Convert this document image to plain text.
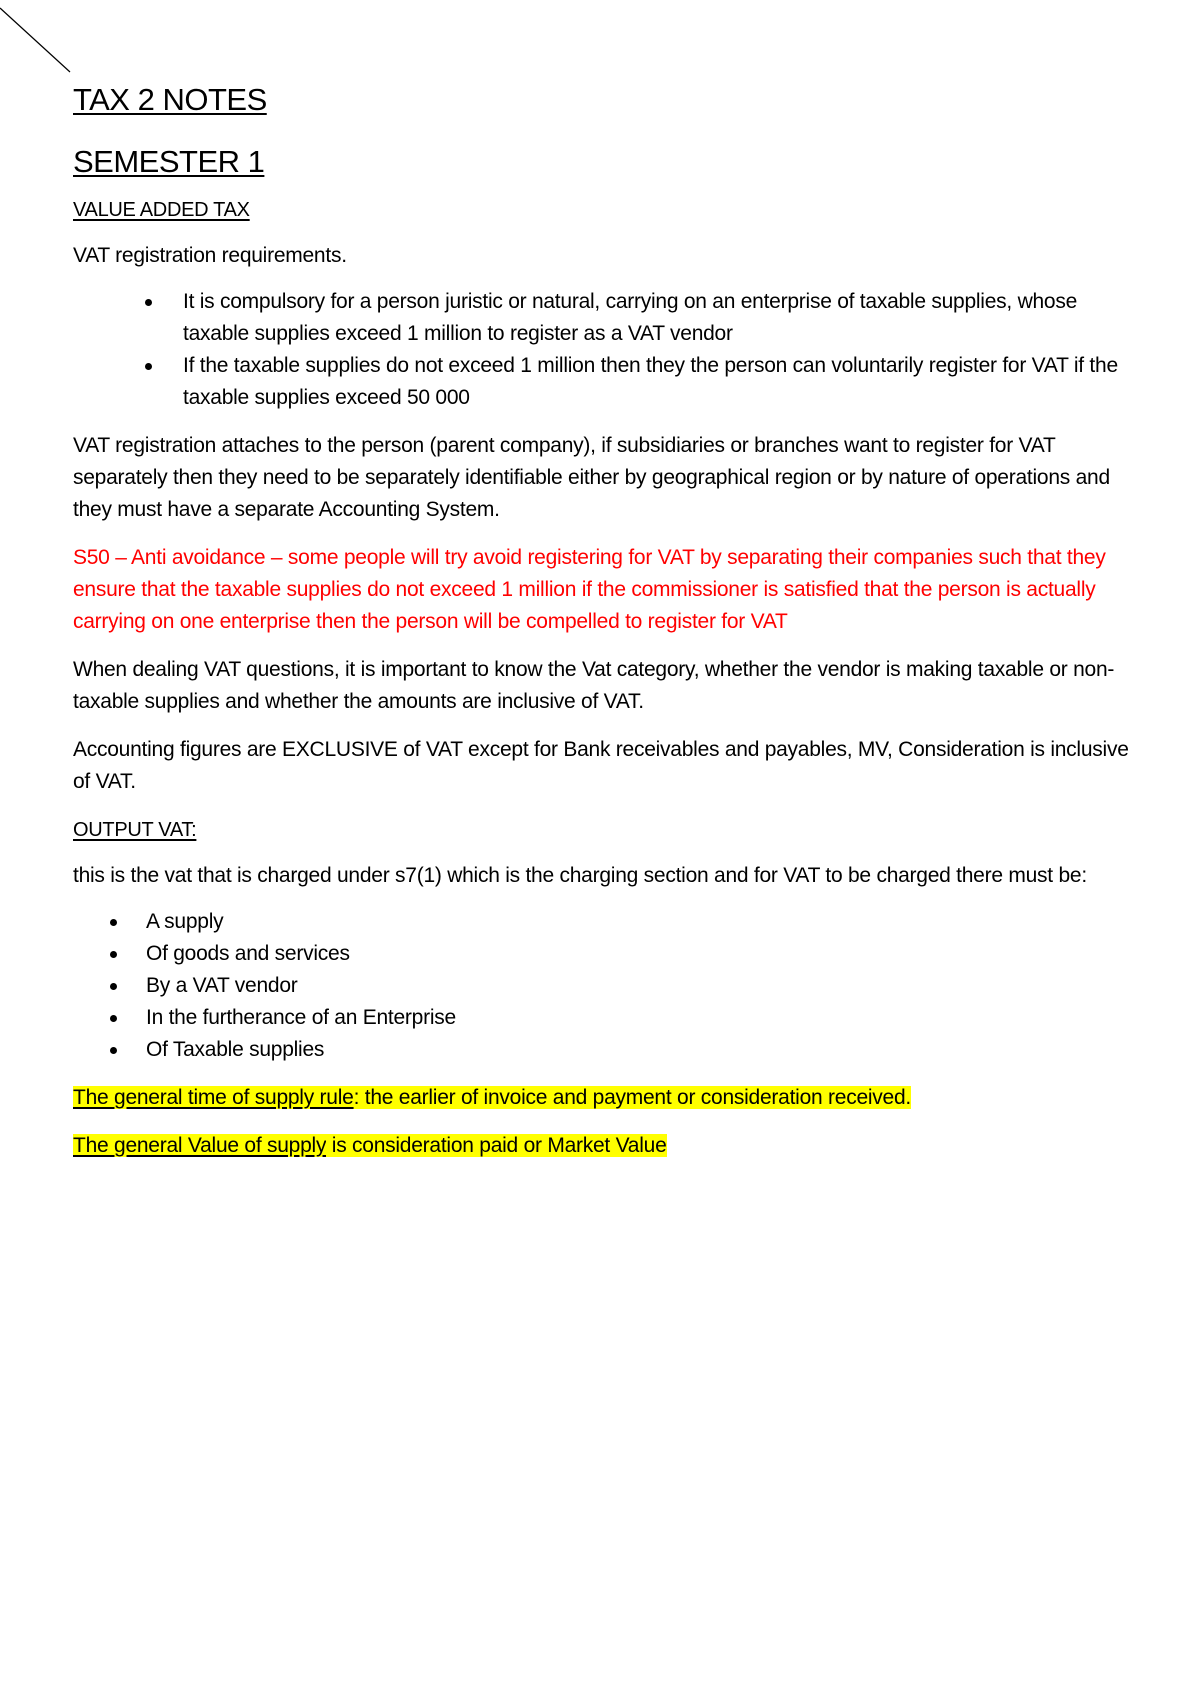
TAX 2 NOTES
SEMESTER 1
VALUE ADDED TAX

VAT registration requirements.

It is compulsory for a person juristic or natural, carrying on an enterprise of taxable supplies, whose taxable supplies exceed 1 million to register as a VAT vendor
If the taxable supplies do not exceed 1 million then they the person can voluntarily register for VAT if the taxable supplies exceed 50 000

VAT registration attaches to the person (parent company), if subsidiaries or branches want to register for VAT separately then they need to be separately identifiable either by geographical region or by nature of operations and they must have a separate Accounting System.

S50 – Anti avoidance – some people will try avoid registering for VAT by separating their companies such that they ensure that the taxable supplies do not exceed 1 million if the commissioner is satisfied that the person is actually carrying on one enterprise then the person will be compelled to register for VAT

When dealing VAT questions, it is important to know the Vat category, whether the vendor is making taxable or non-taxable supplies and whether the amounts are inclusive of VAT.

Accounting figures are EXCLUSIVE of VAT except for Bank receivables and payables, MV, Consideration is inclusive of VAT.

OUTPUT VAT:

this is the vat that is charged under s7(1) which is the charging section and for VAT to be charged there must be:

A supply
Of goods and services
By a VAT vendor
In the furtherance of an Enterprise
Of Taxable supplies

The general time of supply rule: the earlier of invoice and payment or consideration received.

The general Value of supply is consideration paid or Market Value
